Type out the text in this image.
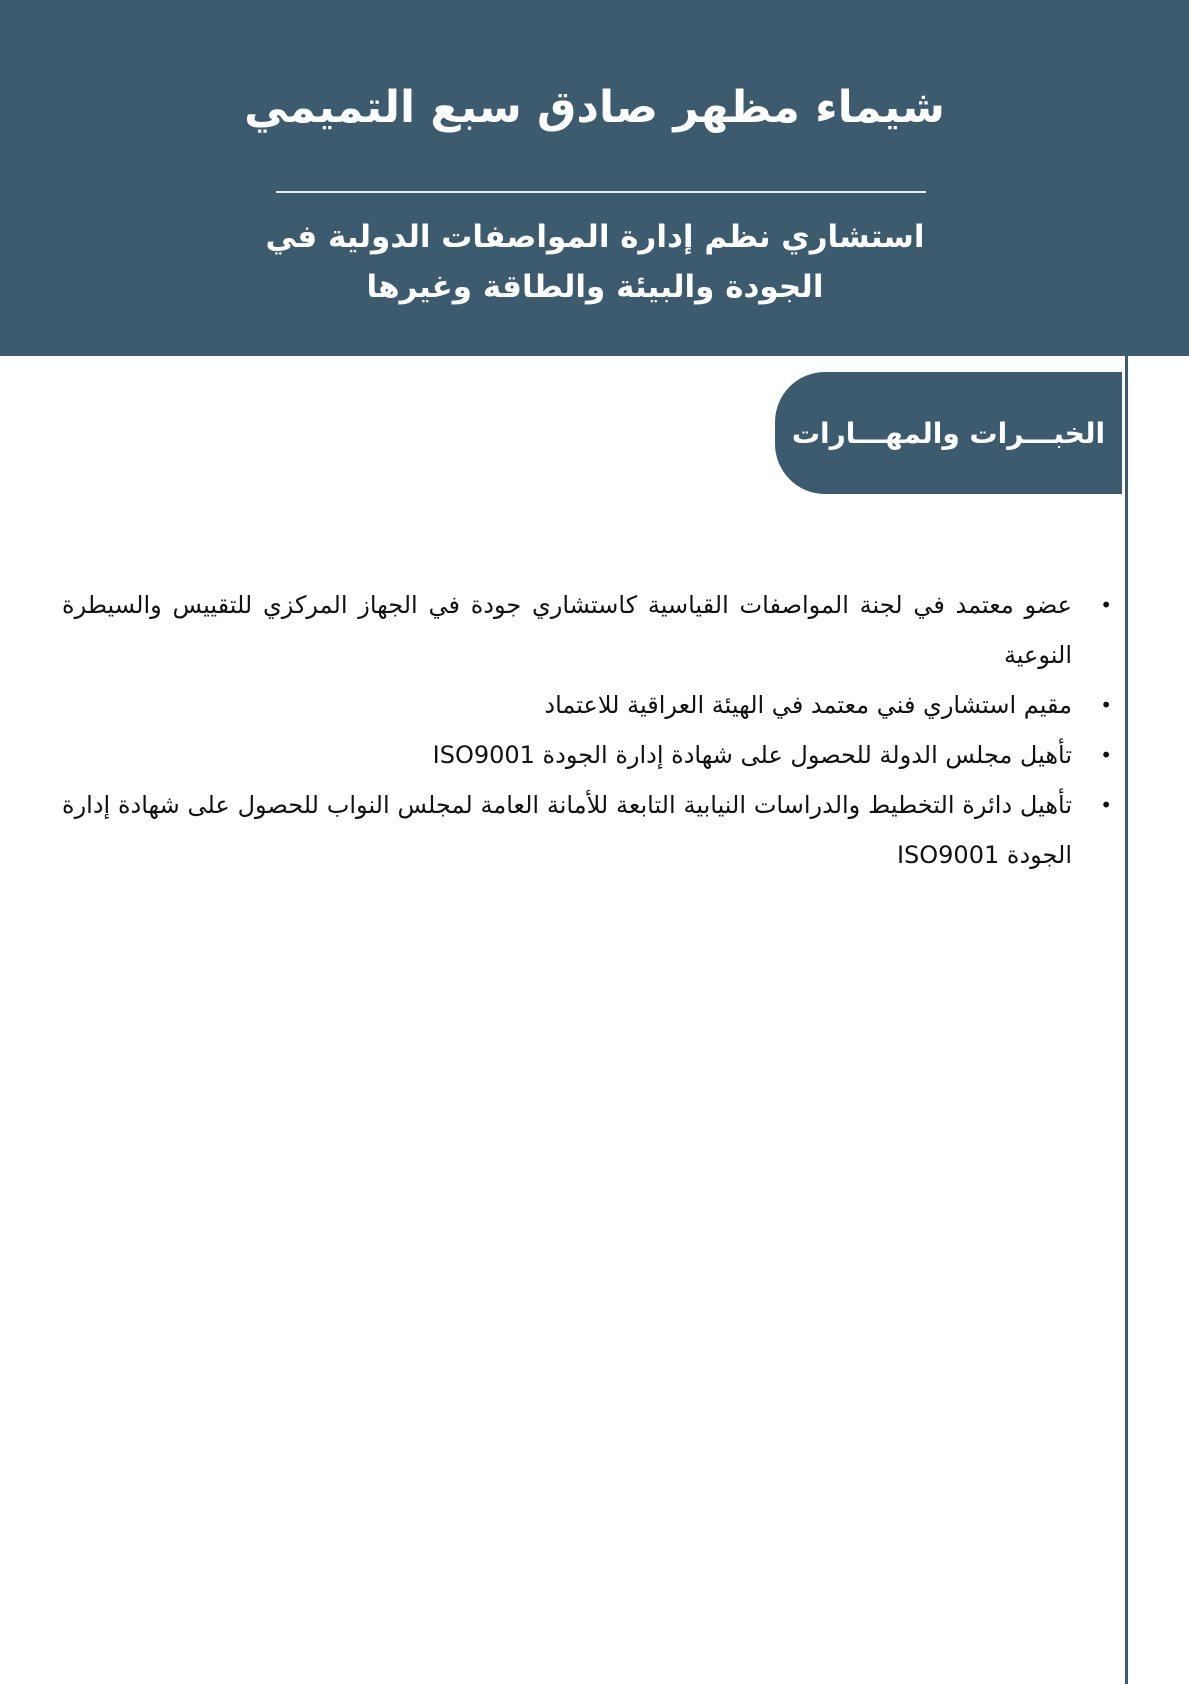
شيماء مظهر صادق سبع التميمي
استشاري نظم إدارة المواصفات الدولية في
الجودة والبيئة والطاقة وغيرها
الخبـــرات والمهـــارات
•
عضو معتمد في لجنة المواصفات القياسية كاستشاري جودة في الجهاز المركزي للتقييس والسيطرة النوعية
•
مقيم استشاري فني معتمد في الهيئة العراقية للاعتماد
•
تأهيل مجلس الدولة للحصول على شهادة إدارة الجودة ISO9001
•
تأهيل دائرة التخطيط والدراسات النيابية التابعة للأمانة العامة لمجلس النواب للحصول على شهادة إدارة الجودة ISO9001
